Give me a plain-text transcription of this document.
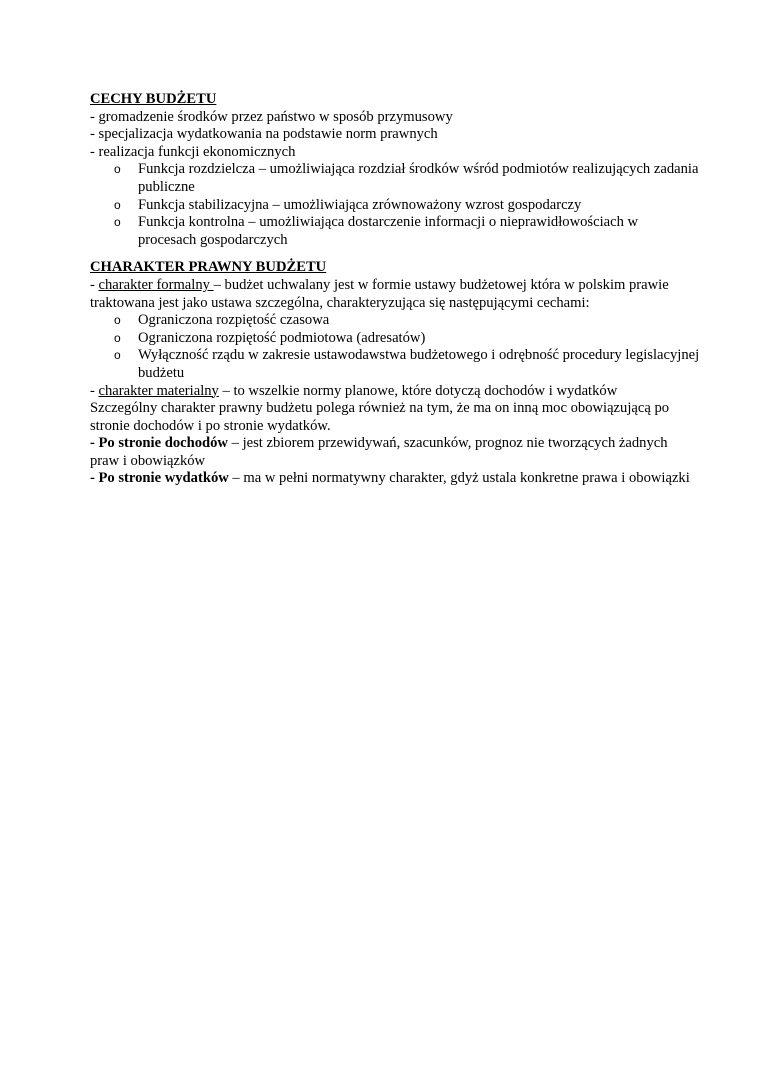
CECHY BUDŻETU

- gromadzenie środków przez państwo w sposób przymusowy

- specjalizacja wydatkowania na podstawie norm prawnych

- realizacja funkcji ekonomicznych

o Funkcja rozdzielcza – umożliwiająca rozdział środków wśród podmiotów realizujących zadania publiczne
o Funkcja stabilizacyjna – umożliwiająca zrównoważony wzrost gospodarczy
o Funkcja kontrolna – umożliwiająca dostarczenie informacji o nieprawidłowościach w procesach gospodarczych

CHARAKTER PRAWNY BUDŻETU

- charakter formalny – budżet uchwalany jest w formie ustawy budżetowej która w polskim prawie traktowana jest jako ustawa szczególna, charakteryzująca się następującymi cechami:

o Ograniczona rozpiętość czasowa
o Ograniczona rozpiętość podmiotowa (adresatów)
o Wyłączność rządu w zakresie ustawodawstwa budżetowego i odrębność procedury legislacyjnej budżetu

- charakter materialny – to wszelkie normy planowe, które dotyczą dochodów i wydatków

Szczególny charakter prawny budżetu polega również na tym, że ma on inną moc obowiązującą po stronie dochodów i po stronie wydatków.

- Po stronie dochodów – jest zbiorem przewidywań, szacunków, prognoz nie tworzących żadnych praw i obowiązków

- Po stronie wydatków – ma w pełni normatywny charakter, gdyż ustala konkretne prawa i obowiązki
